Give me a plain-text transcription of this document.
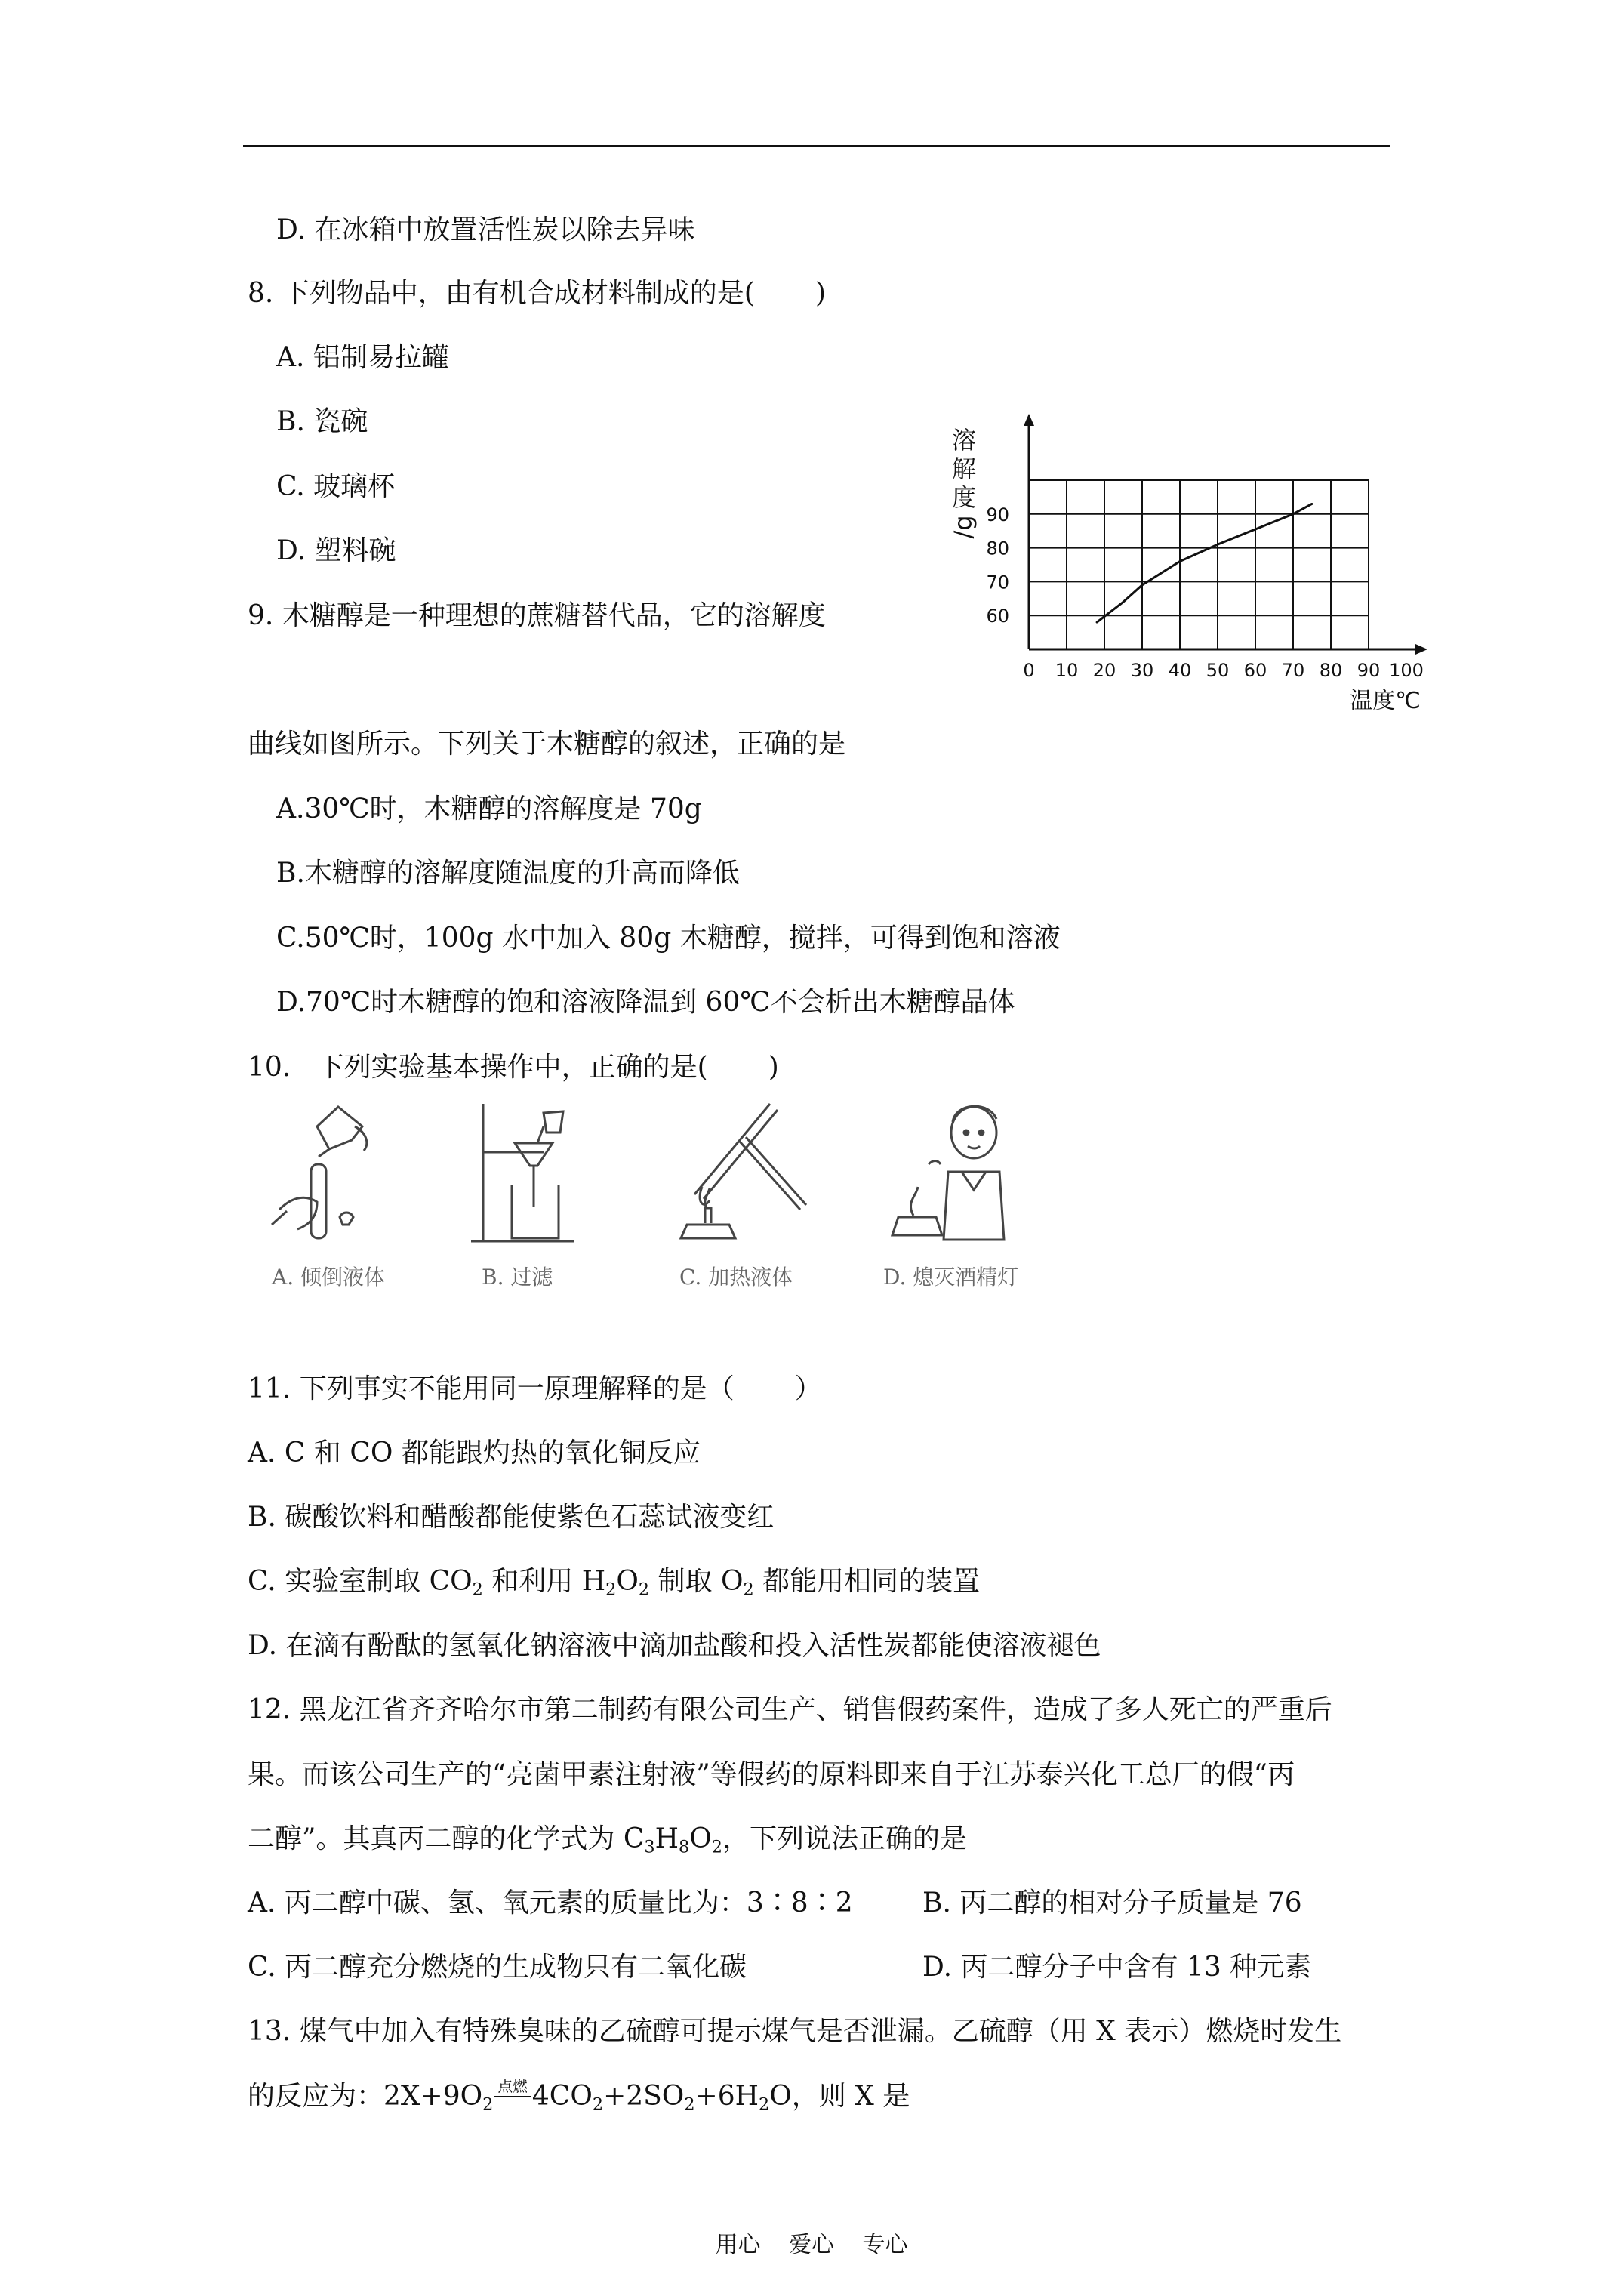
D. 在冰箱中放置活性炭以除去异味
8. 下列物品中，由有机合成材料制成的是(       )
A. 铝制易拉罐
B. 瓷碗
C. 玻璃杯
D. 塑料碗
9. 木糖醇是一种理想的蔗糖替代品，它的溶解度
曲线如图所示。下列关于木糖醇的叙述，正确的是
A.30℃时，木糖醇的溶解度是 70g
B.木糖醇的溶解度随温度的升高而降低
C.50℃时，100g 水中加入 80g 木糖醇，搅拌，可得到饱和溶液
D.70℃时木糖醇的饱和溶液降温到 60℃不会析出木糖醇晶体
0 10 20 30 40 50 60 70 80 90 100
60
70
80
90
溶
解
度
/g
温度℃
10.   下列实验基本操作中，正确的是(       )
A. 倾倒液体	B. 过滤	C. 加热液体	D. 熄灭酒精灯
11. 下列事实不能用同一原理解释的是（       ）
A. C 和 CO 都能跟灼热的氧化铜反应
B. 碳酸饮料和醋酸都能使紫色石蕊试液变红
C. 实验室制取 $CO_2$ 和利用 $H_2O_2$ 制取 $O_2$ 都能用相同的装置
D. 在滴有酚酞的氢氧化钠溶液中滴加盐酸和投入活性炭都能使溶液褪色
12. 黑龙江省齐齐哈尔市第二制药有限公司生产、销售假药案件，造成了多人死亡的严重后
果。而该公司生产的“亮菌甲素注射液”等假药的原料即来自于江苏泰兴化工总厂的假“丙
二醇”。其真丙二醇的化学式为 $C_3H_8O_2$，下列说法正确的是
A. 丙二醇中碳、氢、氧元素的质量比为：3∶8∶2	B. 丙二醇的相对分子质量是 76
C. 丙二醇充分燃烧的生成物只有二氧化碳	D. 丙二醇分子中含有 13 种元素
13. 煤气中加入有特殊臭味的乙硫醇可提示煤气是否泄漏。乙硫醇（用 X 表示）燃烧时发生
的反应为：$2X+9O_2$点燃 $4CO_2+2SO_2+6H_2O$，则 X 是
用心 爱心 专心
